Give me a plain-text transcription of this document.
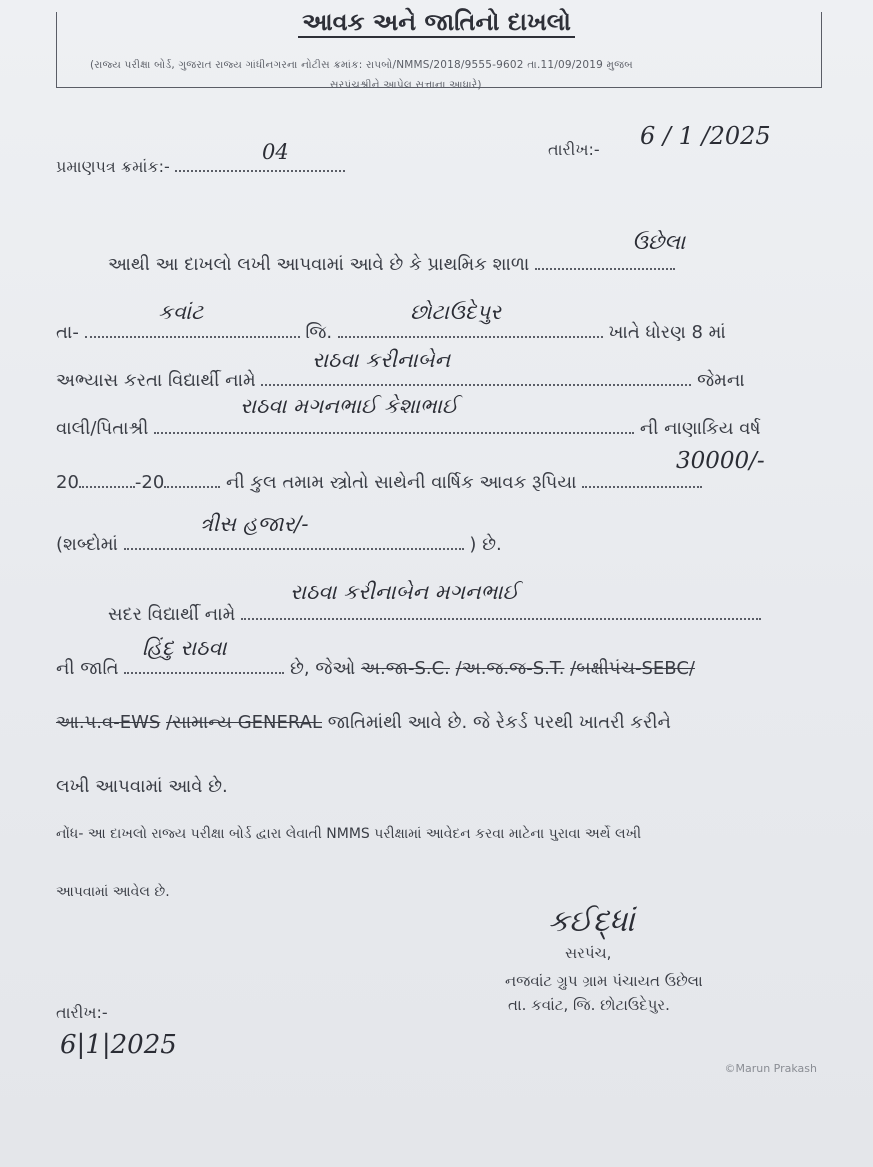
આવક અને જાતિનો દાખલો
(રાજ્ય પરીક્ષા બોર્ડ, ગુજરાત રાજ્ય ગાંધીનગરના નોટીસ ક્રમાંક: રાપબો/NMMS/2018/9555-9602 તા.11/09/2019 મુજબ
સરપંચશ્રીને આપેલ સત્તાના આધારે)
પ્રમાણપત્ર ક્રમાંક:-
04	તારીખ:-	6 / 1 /2025
આથી આ દાખલો લખી આપવામાં આવે છે કે પ્રાથમિક શાળા
ઉછેલા
તા-	જિ.	ખાતે ધોરણ 8 માં
કવાંટ	છોટાઉદેપુર
અભ્યાસ કરતા વિદ્યાર્થી નામે	જેમના
રાઠવા કરીનાબેન
વાલી/પિતાશ્રી	ની નાણાકિય વર્ષ
રાઠવા મગનભાઈ કેશાભાઈ
20	-20	ની કુલ તમામ સ્ત્રોતો સાથેની વાર્ષિક આવક રૂપિયા
30000/-
(શબ્દોમાં	) છે.
ત્રીસ હજાર/-
સદર વિદ્યાર્થી નામે
રાઠવા કરીનાબેન મગનભાઈ
ની જાતિ	છે, જેઓ અ.જા-S.C. /અ.જ.જ-S.T. /બક્ષીપંચ-SEBC/
હિંદુ રાઠવા
આ.પ.વ-EWS /સામાન્ય GENERAL જાતિમાંથી આવે છે. જે રેકર્ડ પરથી ખાતરી કરીને
લખી આપવામાં આવે છે.
નોંધ- આ દાખલો રાજ્ય પરીક્ષા બોર્ડ દ્વારા લેવાતી NMMS પરીક્ષામાં આવેદન કરવા માટેના પુરાવા અર્થે લખી
આપવામાં આવેલ છે.
કઈદ્ધાં
સરપંચ,
નજવાંટ ગ્રુપ ગ્રામ પંચાયત ઉછેલા
તા. કવાંટ, જિ. છોટાઉદેપુર.
તારીખ:-
6|1|2025
©Marun Prakash
